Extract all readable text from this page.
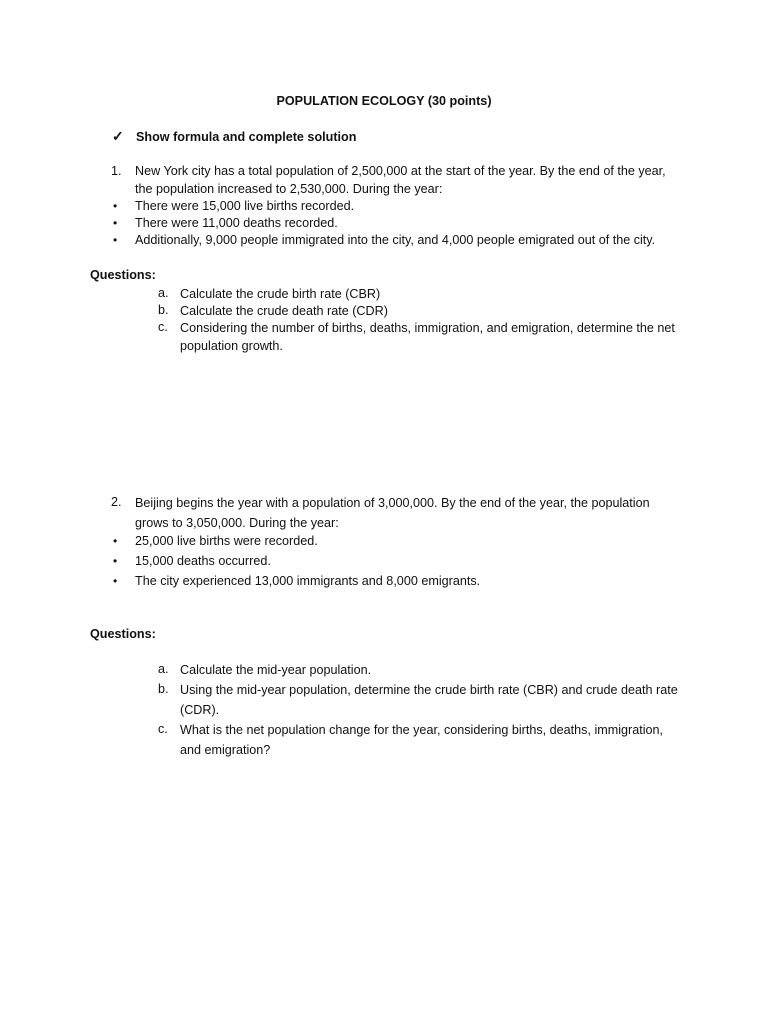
POPULATION ECOLOGY (30 points)

✓ Show formula and complete solution

1. New York city has a total population of 2,500,000 at the start of the year. By the end of the year, the population increased to 2,530,000. During the year:
• There were 15,000 live births recorded.
• There were 11,000 deaths recorded.
• Additionally, 9,000 people immigrated into the city, and 4,000 people emigrated out of the city.
Questions:
a. Calculate the crude birth rate (CBR)
b. Calculate the crude death rate (CDR)
c. Considering the number of births, deaths, immigration, and emigration, determine the net population growth.
2. Beijing begins the year with a population of 3,000,000. By the end of the year, the population grows to 3,050,000. During the year:
• 25,000 live births were recorded.
• 15,000 deaths occurred.
• The city experienced 13,000 immigrants and 8,000 emigrants.
Questions:
a. Calculate the mid-year population.
b. Using the mid-year population, determine the crude birth rate (CBR) and crude death rate (CDR).
c. What is the net population change for the year, considering births, deaths, immigration, and emigration?
